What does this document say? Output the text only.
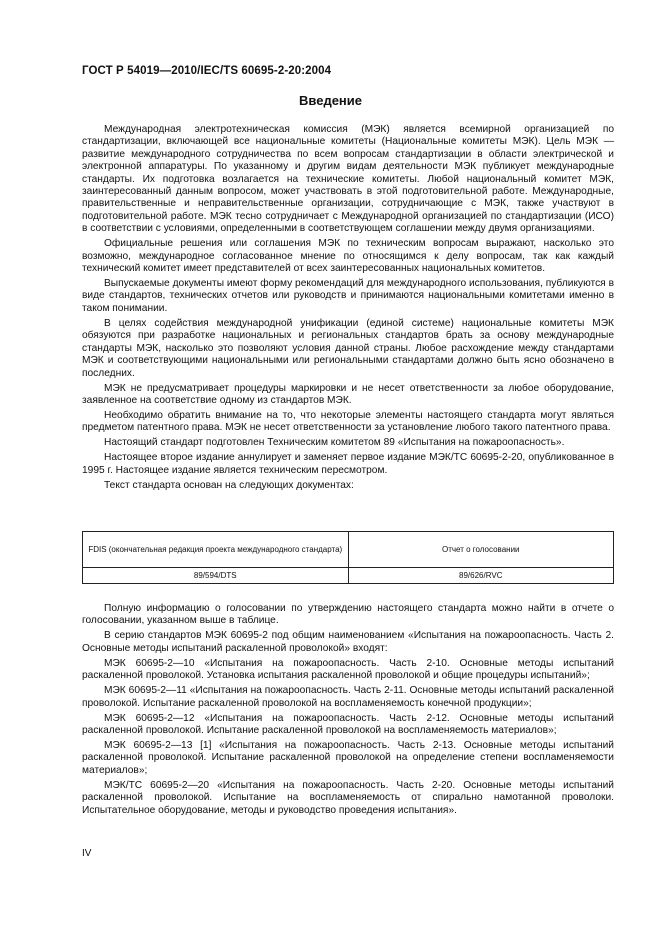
ГОСТ Р 54019—2010/IEC/TS 60695-2-20:2004
Введение

Международная электротехническая комиссия (МЭК) является всемирной организацией по стандартизации, включающей все национальные комитеты (Национальные комитеты МЭК). Цель МЭК — развитие международного сотрудничества по всем вопросам стандартизации в области электрической и электронной аппаратуры. По указанному и другим видам деятельности МЭК публикует международные стандарты. Их подготовка возлагается на технические комитеты. Любой национальный комитет МЭК, заинтересованный данным вопросом, может участвовать в этой подготовительной работе. Международные, правительственные и неправительственные организации, сотрудничающие с МЭК, также участвуют в подготовительной работе. МЭК тесно сотрудничает с Международной организацией по стандартизации (ИСО) в соответствии с условиями, определенными в соответствующем соглашении между двумя организациями.

Официальные решения или соглашения МЭК по техническим вопросам выражают, насколько это возможно, международное согласованное мнение по относящимся к делу вопросам, так как каждый технический комитет имеет представителей от всех заинтересованных национальных комитетов.

Выпускаемые документы имеют форму рекомендаций для международного использования, публикуются в виде стандартов, технических отчетов или руководств и принимаются национальными комитетами именно в таком понимании.

В целях содействия международной унификации (единой системе) национальные комитеты МЭК обязуются при разработке национальных и региональных стандартов брать за основу международные стандарты МЭК, насколько это позволяют условия данной страны. Любое расхождение между стандартами МЭК и соответствующими национальными или региональными стандартами должно быть ясно обозначено в последних.

МЭК не предусматривает процедуры маркировки и не несет ответственности за любое оборудование, заявленное на соответствие одному из стандартов МЭК.

Необходимо обратить внимание на то, что некоторые элементы настоящего стандарта могут являться предметом патентного права. МЭК не несет ответственности за установление любого такого патентного права.

Настоящий стандарт подготовлен Техническим комитетом 89 «Испытания на пожароопасность».

Настоящее второе издание аннулирует и заменяет первое издание МЭК/ТС 60695-2-20, опубликованное в 1995 г. Настоящее издание является техническим пересмотром.

Текст стандарта основан на следующих документах:

FDIS (окончательная редакция проекта международного стандарта)	Отчет о голосовании
89/594/DTS	89/626/RVC

Полную информацию о голосовании по утверждению настоящего стандарта можно найти в отчете о голосовании, указанном выше в таблице.

В серию стандартов МЭК 60695-2 под общим наименованием «Испытания на пожароопасность. Часть 2. Основные методы испытаний раскаленной проволокой» входят:

МЭК 60695-2—10 «Испытания на пожароопасность. Часть 2-10. Основные методы испытаний раскаленной проволокой. Установка испытания раскаленной проволокой и общие процедуры испытаний»;

МЭК 60695-2—11 «Испытания на пожароопасность. Часть 2-11. Основные методы испытаний раскаленной проволокой. Испытание раскаленной проволокой на воспламеняемость конечной продукции»;

МЭК 60695-2—12 «Испытания на пожароопасность. Часть 2-12. Основные методы испытаний раскаленной проволокой. Испытание раскаленной проволокой на воспламеняемость материалов»;

МЭК 60695-2—13 [1] «Испытания на пожароопасность. Часть 2-13. Основные методы испытаний раскаленной проволокой. Испытание раскаленной проволокой на определение степени воспламеняемости материалов»;

МЭК/ТС 60695-2—20 «Испытания на пожароопасность. Часть 2-20. Основные методы испытаний раскаленной проволокой. Испытание на воспламеняемость от спирально намотанной проволоки. Испытательное оборудование, методы и руководство проведения испытания».

IV
